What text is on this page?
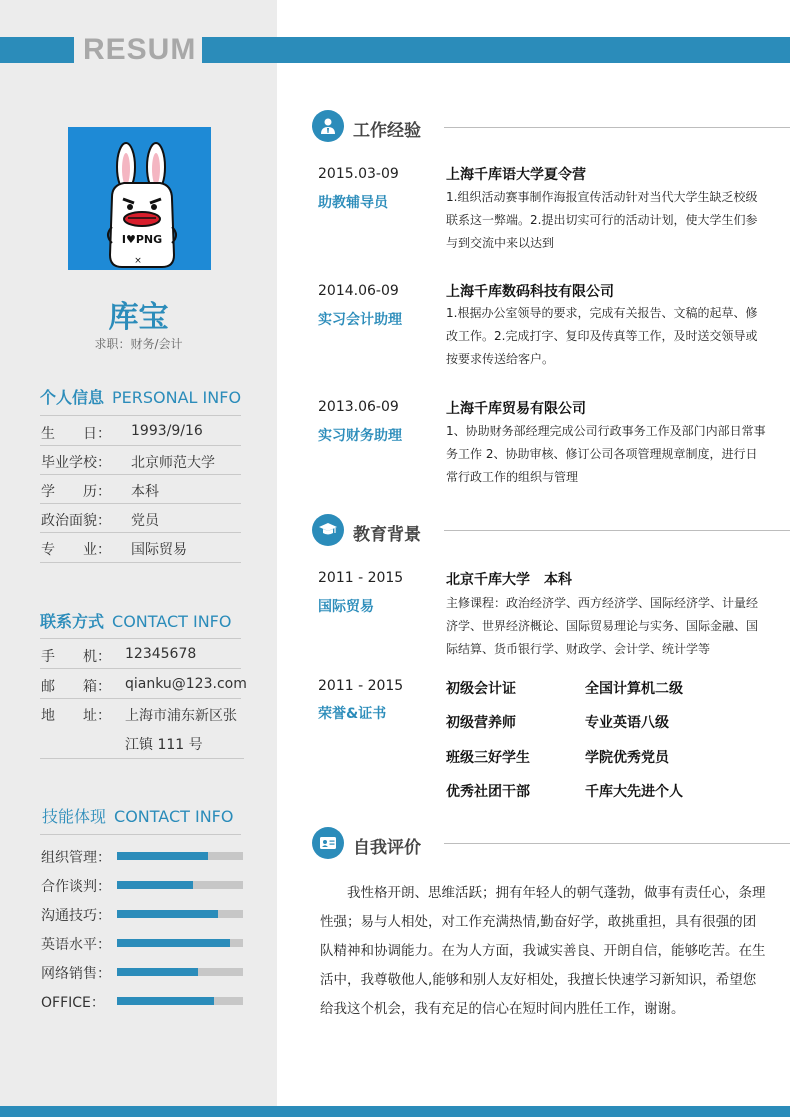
RESUM
I♥PNG
×
库宝
求职：财务/会计
个人信息 PERSONAL INFO
生　　日： 1993/9/16
毕业学校： 北京师范大学
学　　历： 本科
政治面貌： 党员
专　　业： 国际贸易
联系方式 CONTACT INFO
手　　机： 12345678
邮　　箱： qianku@123.com
地　　址： 上海市浦东新区张
江镇 111 号
技能体现 CONTACT INFO
组织管理：
合作谈判：
沟通技巧：
英语水平：
网络销售：
OFFICE：
工作经验
2015.03-09	上海千库语大学夏令营
助教辅导员	1.组织活动赛事制作海报宣传活动针对当代大学生缺乏校级联系这一弊端。2.提出切实可行的活动计划，使大学生们参与到交流中来以达到
2014.06-09	上海千库数码科技有限公司
实习会计助理	1.根据办公室领导的要求，完成有关报告、文稿的起草、修改工作。2.完成打字、复印及传真等工作，及时送交领导或按要求传送给客户。
2013.06-09	上海千库贸易有限公司
实习财务助理	1、协助财务部经理完成公司行政事务工作及部门内部日常事务工作 2、协助审核、修订公司各项管理规章制度，进行日常行政工作的组织与管理
教育背景
2011 - 2015	北京千库大学　本科
国际贸易	主修课程：政治经济学、西方经济学、国际经济学、计量经济学、世界经济概论、国际贸易理论与实务、国际金融、国际结算、货币银行学、财政学、会计学、统计学等
2011 - 2015
荣誉&证书
初级会计证	全国计算机二级
初级营养师	专业英语八级
班级三好学生	学院优秀党员
优秀社团干部	千库大先进个人
自我评价
我性格开朗、思维活跃；拥有年轻人的朝气蓬勃，做事有责任心，条理性强；易与人相处，对工作充满热情,勤奋好学，敢挑重担，具有很强的团队精神和协调能力。在为人方面，我诚实善良、开朗自信，能够吃苦。在生活中，我尊敬他人,能够和别人友好相处，我擅长快速学习新知识，希望您给我这个机会，我有充足的信心在短时间内胜任工作，谢谢。
